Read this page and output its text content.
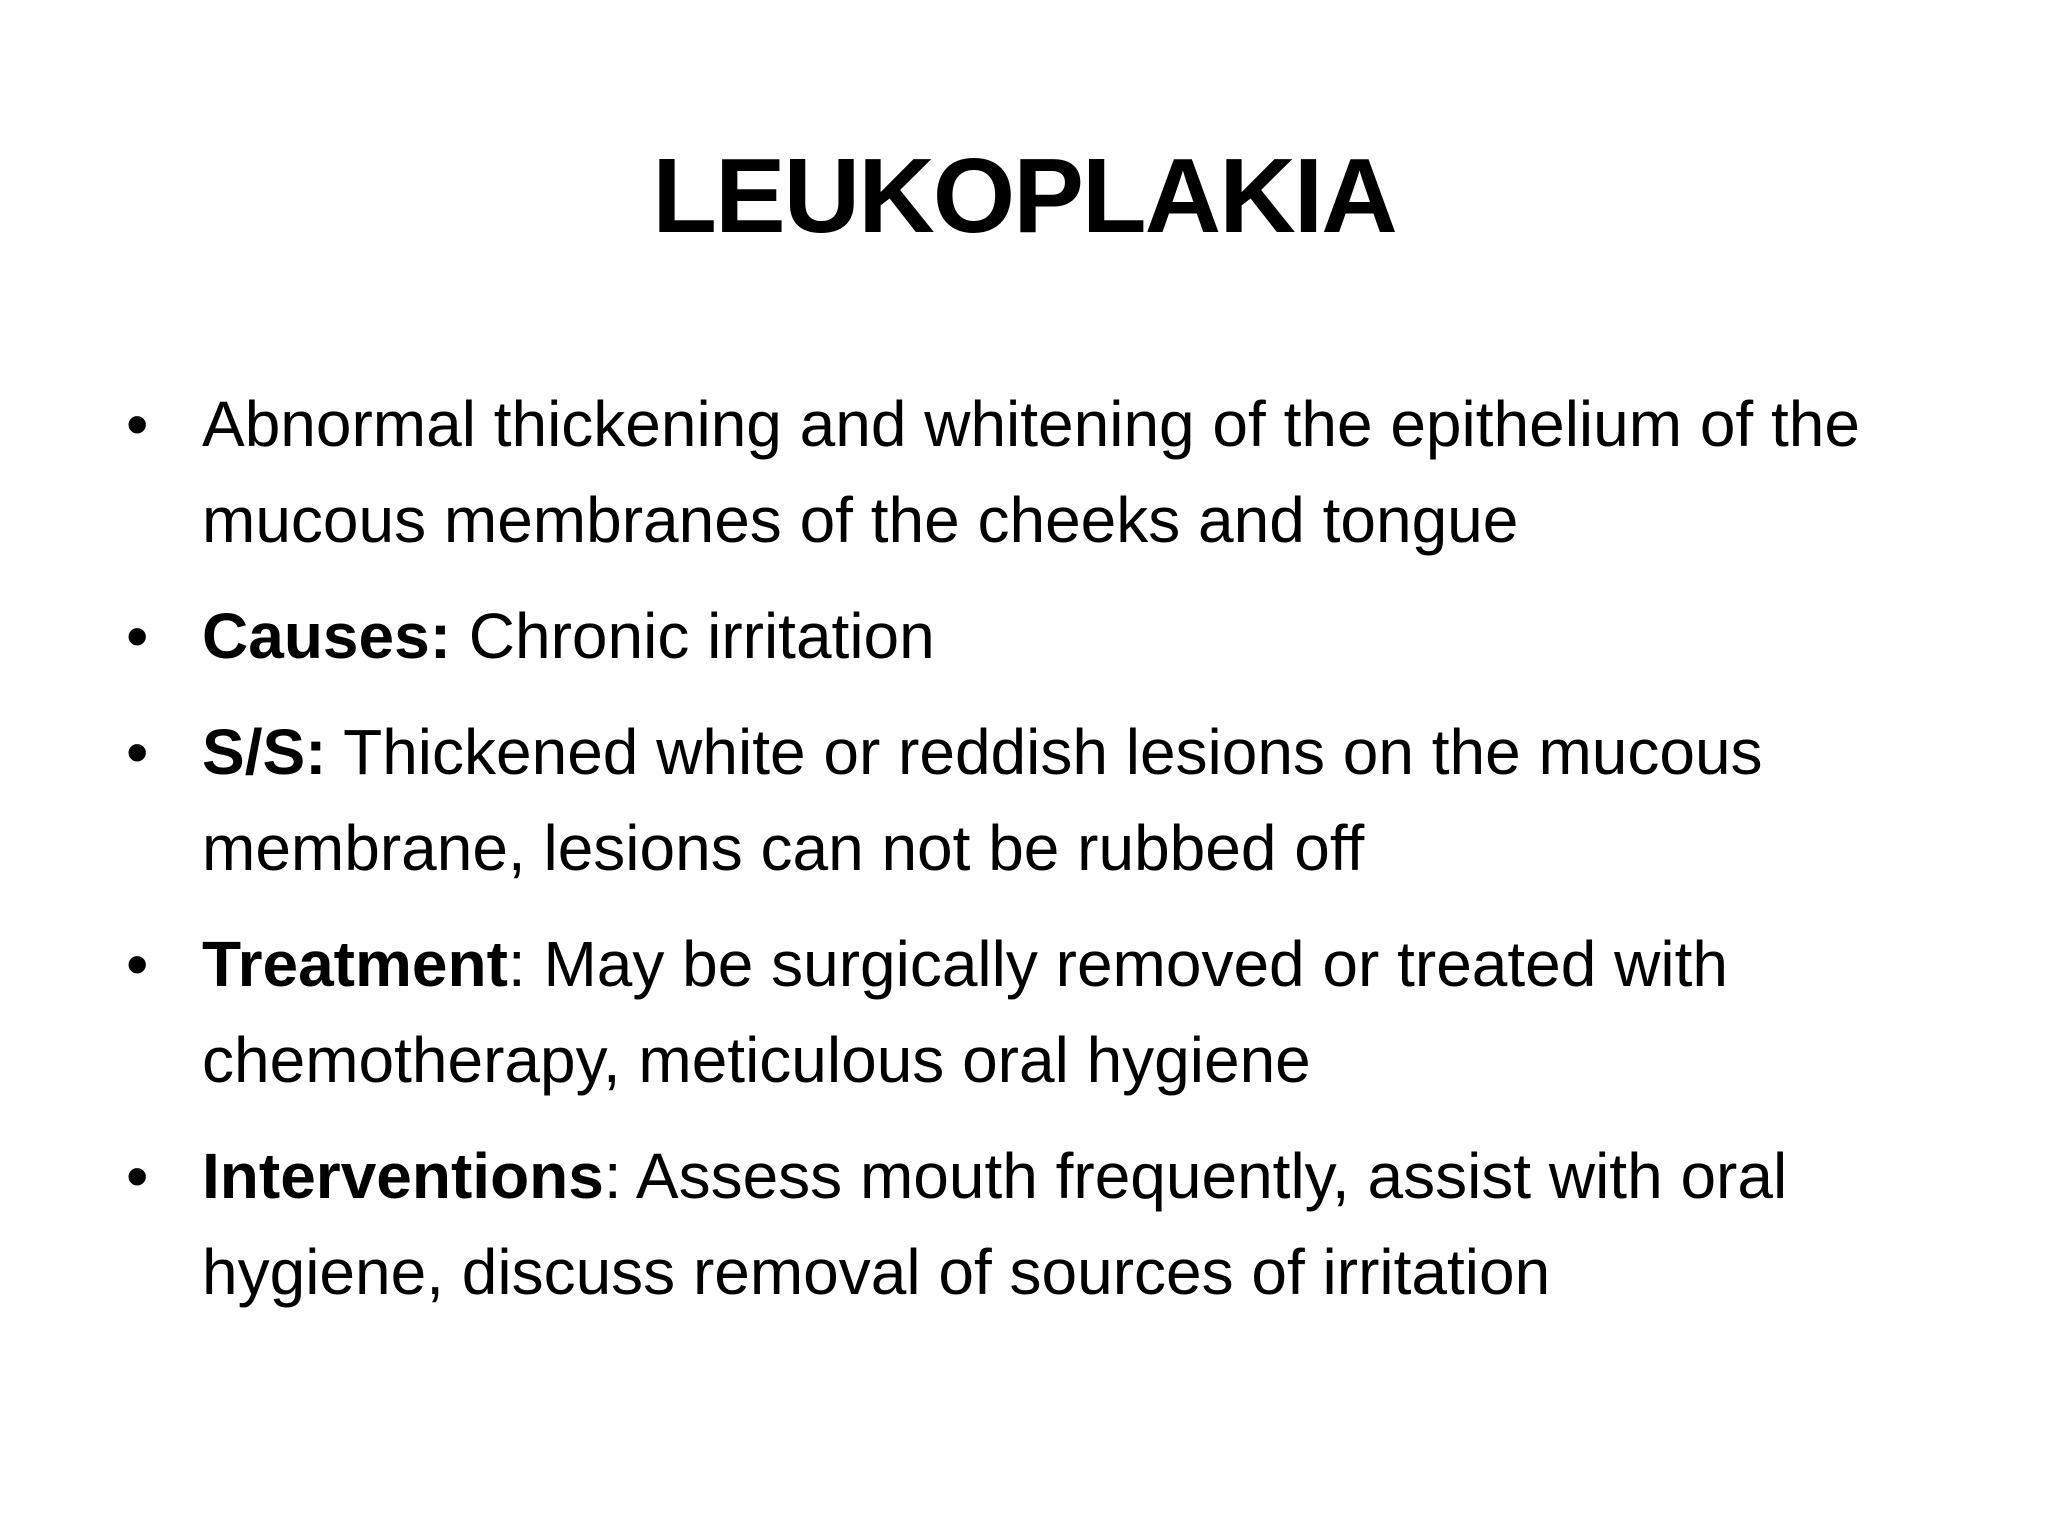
LEUKOPLAKIA
• Abnormal thickening and whitening of the epithelium of the mucous membranes of the cheeks and tongue
• Causes: Chronic irritation
• S/S: Thickened white or reddish lesions on the mucous membrane, lesions can not be rubbed off
• Treatment: May be surgically removed or treated with chemotherapy, meticulous oral hygiene
• Interventions: Assess mouth frequently, assist with oral hygiene, discuss removal of sources of irritation
